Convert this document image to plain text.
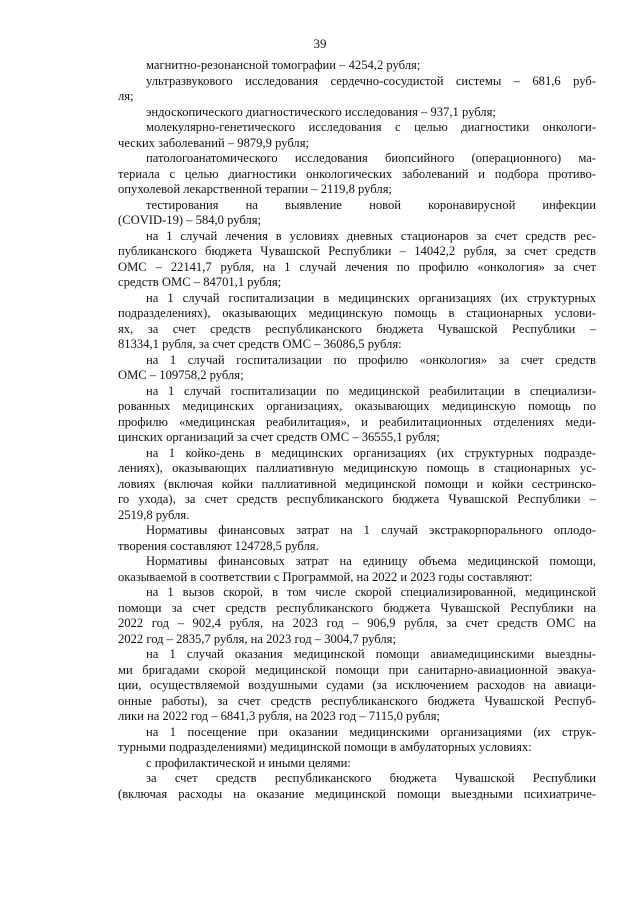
39
магнитно-резонансной томографии – 4254,2 рубля;
ультразвукового исследования сердечно-сосудистой системы – 681,6 руб-
ля;
эндоскопического диагностического исследования – 937,1 рубля;
молекулярно-генетического исследования с целью диагностики онкологи-
ческих заболеваний – 9879,9 рубля;
патологоанатомического исследования биопсийного (операционного) ма-
териала с целью диагностики онкологических заболеваний и подбора противо-
опухолевой лекарственной терапии – 2119,8 рубля;
тестирования на выявление новой коронавирусной инфекции
(COVID-19) – 584,0 рубля;
на 1 случай лечения в условиях дневных стационаров за счет средств рес-
публиканского бюджета Чувашской Республики – 14042,2 рубля, за счет средств
ОМС – 22141,7 рубля, на 1 случай лечения по профилю «онкология» за счет
средств ОМС – 84701,1 рубля;
на 1 случай госпитализации в медицинских организациях (их структурных
подразделениях), оказывающих медицинскую помощь в стационарных услови-
ях, за счет средств республиканского бюджета Чувашской Республики –
81334,1 рубля, за счет средств ОМС – 36086,5 рубля:
на 1 случай госпитализации по профилю «онкология» за счет средств
ОМС – 109758,2 рубля;
на 1 случай госпитализации по медицинской реабилитации в специализи-
рованных медицинских организациях, оказывающих медицинскую помощь по
профилю «медицинская реабилитация», и реабилитационных отделениях меди-
цинских организаций за счет средств ОМС – 36555,1 рубля;
на 1 койко-день в медицинских организациях (их структурных подразде-
лениях), оказывающих паллиативную медицинскую помощь в стационарных ус-
ловиях (включая койки паллиативной медицинской помощи и койки сестринско-
го ухода), за счет средств республиканского бюджета Чувашской Республики –
2519,8 рубля.
Нормативы финансовых затрат на 1 случай экстракорпорального оплодо-
творения составляют 124728,5 рубля.
Нормативы финансовых затрат на единицу объема медицинской помощи,
оказываемой в соответствии с Программой, на 2022 и 2023 годы составляют:
на 1 вызов скорой, в том числе скорой специализированной, медицинской
помощи за счет средств республиканского бюджета Чувашской Республики на
2022 год – 902,4 рубля, на 2023 год – 906,9 рубля, за счет средств ОМС на
2022 год – 2835,7 рубля, на 2023 год – 3004,7 рубля;
на 1 случай оказания медицинской помощи авиамедицинскими выездны-
ми бригадами скорой медицинской помощи при санитарно-авиационной эвакуа-
ции, осуществляемой воздушными судами (за исключением расходов на авиаци-
онные работы), за счет средств республиканского бюджета Чувашской Респуб-
лики на 2022 год – 6841,3 рубля, на 2023 год – 7115,0 рубля;
на 1 посещение при оказании медицинскими организациями (их струк-
турными подразделениями) медицинской помощи в амбулаторных условиях:
с профилактической и иными целями:
за счет средств республиканского бюджета Чувашской Республики
(включая расходы на оказание медицинской помощи выездными психиатриче-
